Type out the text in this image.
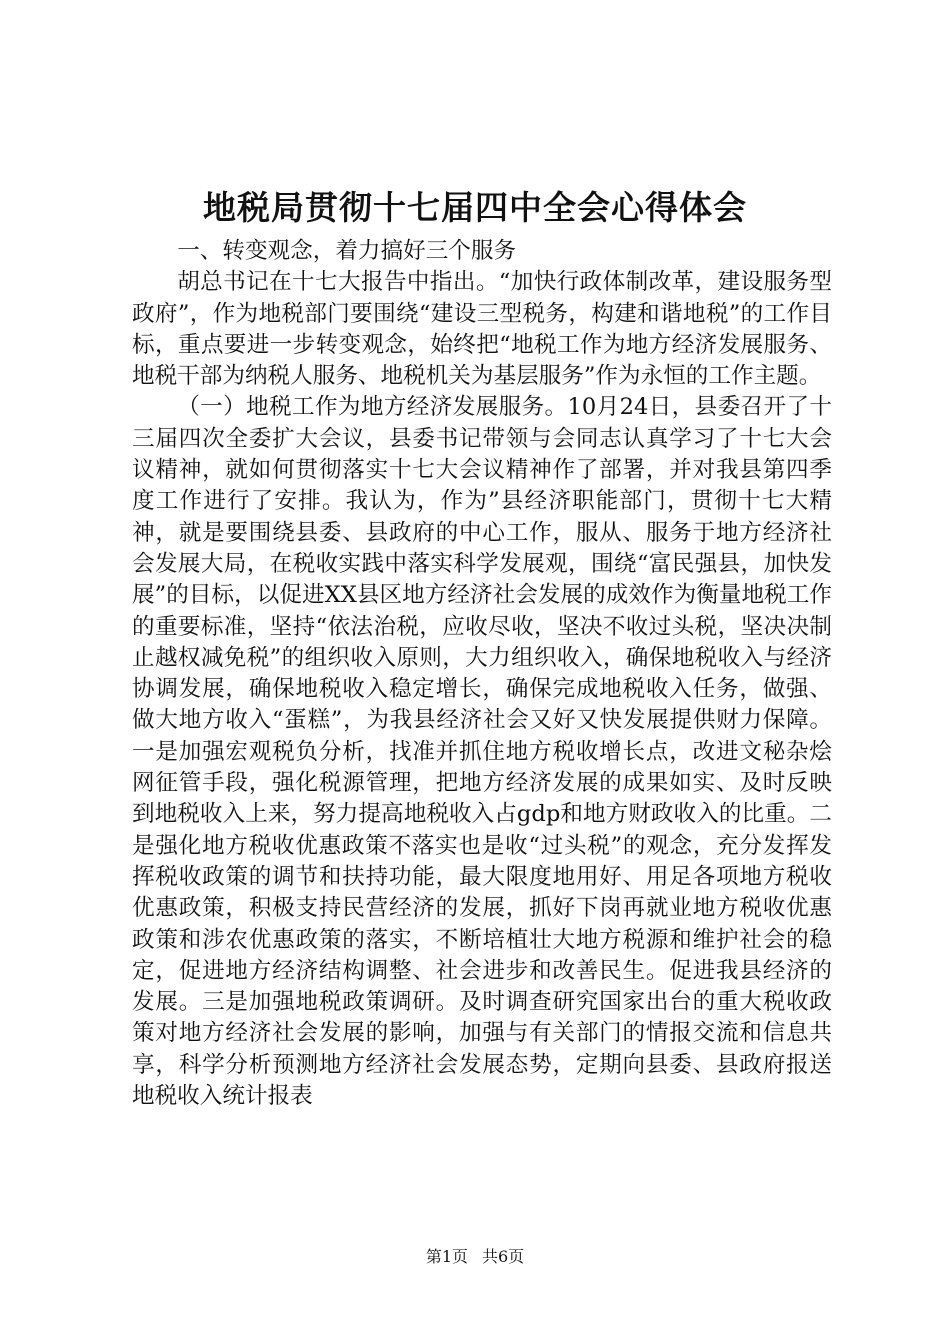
地税局贯彻十七届四中全会心得体会

一、转变观念，着力搞好三个服务

胡总书记在十七大报告中指出。“加快行政体制改革，建设服务型政府”，作为地税部门要围绕“建设三型税务，构建和谐地税”的工作目标，重点要进一步转变观念，始终把“地税工作为地方经济发展服务、地税干部为纳税人服务、地税机关为基层服务”作为永恒的工作主题。

（一）地税工作为地方经济发展服务。10月24日，县委召开了十三届四次全委扩大会议，县委书记带领与会同志认真学习了十七大会议精神，就如何贯彻落实十七大会议精神作了部署，并对我县第四季度工作进行了安排。我认为，作为”县经济职能部门，贯彻十七大精神，就是要围绕县委、县政府的中心工作，服从、服务于地方经济社会发展大局，在税收实践中落实科学发展观，围绕“富民强县，加快发展”的目标，以促进XX县区地方经济社会发展的成效作为衡量地税工作的重要标准，坚持“依法治税，应收尽收，坚决不收过头税，坚决决制止越权减免税”的组织收入原则，大力组织收入，确保地税收入与经济协调发展，确保地税收入稳定增长，确保完成地税收入任务，做强、做大地方收入“蛋糕”，为我县经济社会又好又快发展提供财力保障。一是加强宏观税负分析，找准并抓住地方税收增长点，改进文秘杂烩网征管手段，强化税源管理，把地方经济发展的成果如实、及时反映到地税收入上来，努力提高地税收入占gdp和地方财政收入的比重。二是强化地方税收优惠政策不落实也是收“过头税”的观念，充分发挥发挥税收政策的调节和扶持功能，最大限度地用好、用足各项地方税收优惠政策，积极支持民营经济的发展，抓好下岗再就业地方税收优惠政策和涉农优惠政策的落实，不断培植壮大地方税源和维护社会的稳定，促进地方经济结构调整、社会进步和改善民生。促进我县经济的发展。三是加强地税政策调研。及时调查研究国家出台的重大税收政策对地方经济社会发展的影响，加强与有关部门的情报交流和信息共享，科学分析预测地方经济社会发展态势，定期向县委、县政府报送地税收入统计报表

第1页 共6页
